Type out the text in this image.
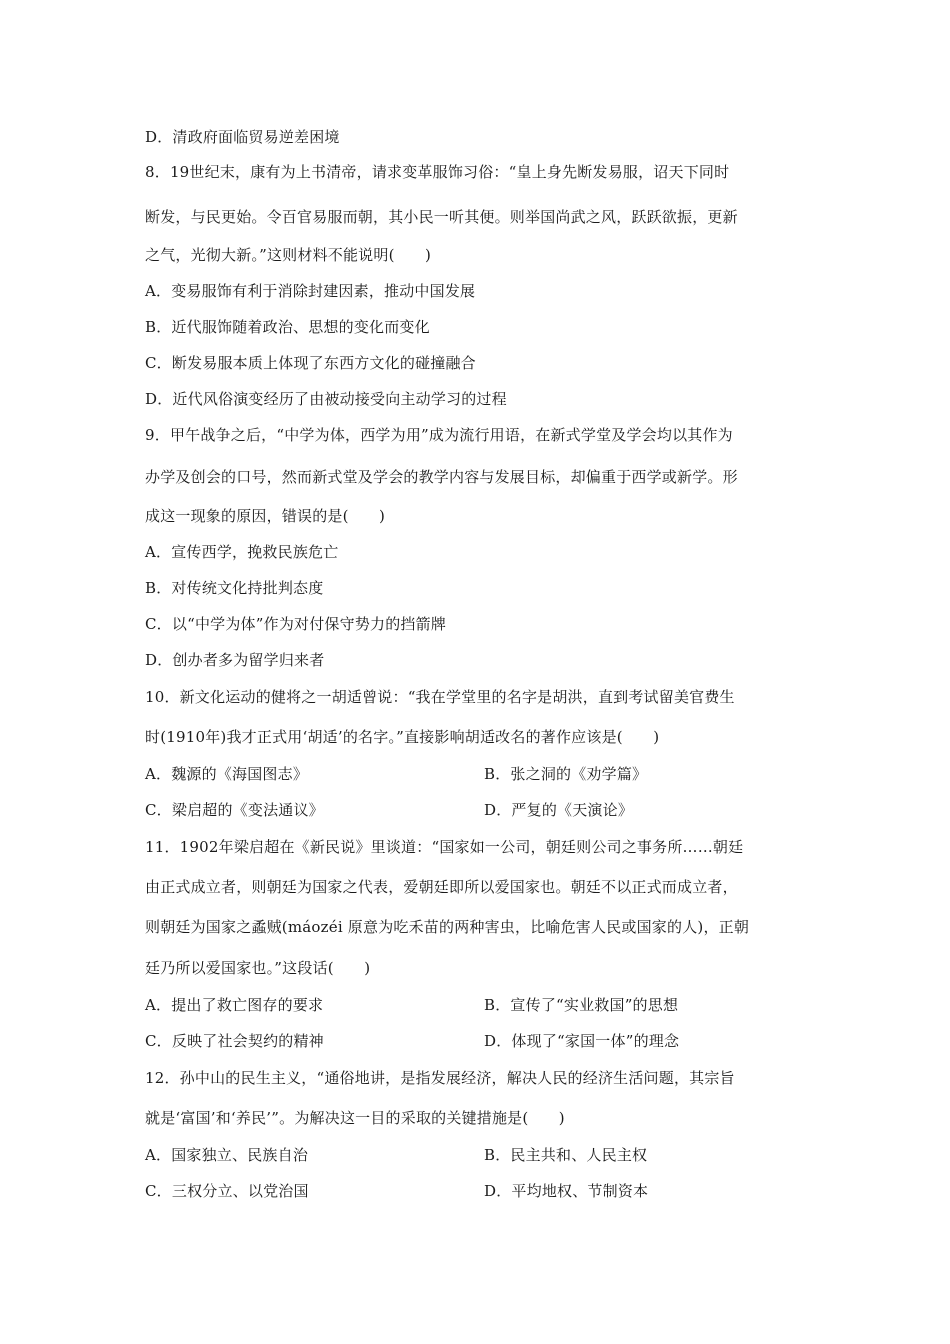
D．清政府面临贸易逆差困境
8．19世纪末，康有为上书清帝，请求变革服饰习俗：“皇上身先断发易服，诏天下同时
断发，与民更始。令百官易服而朝，其小民一听其便。则举国尚武之风，跃跃欲振，更新
之气，光彻大新。”这则材料不能说明(　　)
A．变易服饰有利于消除封建因素，推动中国发展
B．近代服饰随着政治、思想的变化而变化
C．断发易服本质上体现了东西方文化的碰撞融合
D．近代风俗演变经历了由被动接受向主动学习的过程
9．甲午战争之后，“中学为体，西学为用”成为流行用语，在新式学堂及学会均以其作为
办学及创会的口号，然而新式堂及学会的教学内容与发展目标，却偏重于西学或新学。形
成这一现象的原因，错误的是(　　)
A．宣传西学，挽救民族危亡
B．对传统文化持批判态度
C．以“中学为体”作为对付保守势力的挡箭牌
D．创办者多为留学归来者
10．新文化运动的健将之一胡适曾说：“我在学堂里的名字是胡洪，直到考试留美官费生
时(1910年)我才正式用‘胡适’的名字。”直接影响胡适改名的著作应该是(　　)
A．魏源的《海国图志》	B．张之洞的《劝学篇》
C．梁启超的《变法通议》	D．严复的《天演论》
11．1902年梁启超在《新民说》里谈道：“国家如一公司，朝廷则公司之事务所……朝廷
由正式成立者，则朝廷为国家之代表，爱朝廷即所以爱国家也。朝廷不以正式而成立者，
则朝廷为国家之蟊贼(máozéi 原意为吃禾苗的两种害虫，比喻危害人民或国家的人)，正朝
廷乃所以爱国家也。”这段话(　　)
A．提出了救亡图存的要求	B．宣传了“实业救国”的思想
C．反映了社会契约的精神	D．体现了“家国一体”的理念
12．孙中山的民生主义，“通俗地讲，是指发展经济，解决人民的经济生活问题，其宗旨
就是‘富国’和‘养民’”。为解决这一目的采取的关键措施是(　　)
A．国家独立、民族自治	B．民主共和、人民主权
C．三权分立、以党治国	D．平均地权、节制资本
